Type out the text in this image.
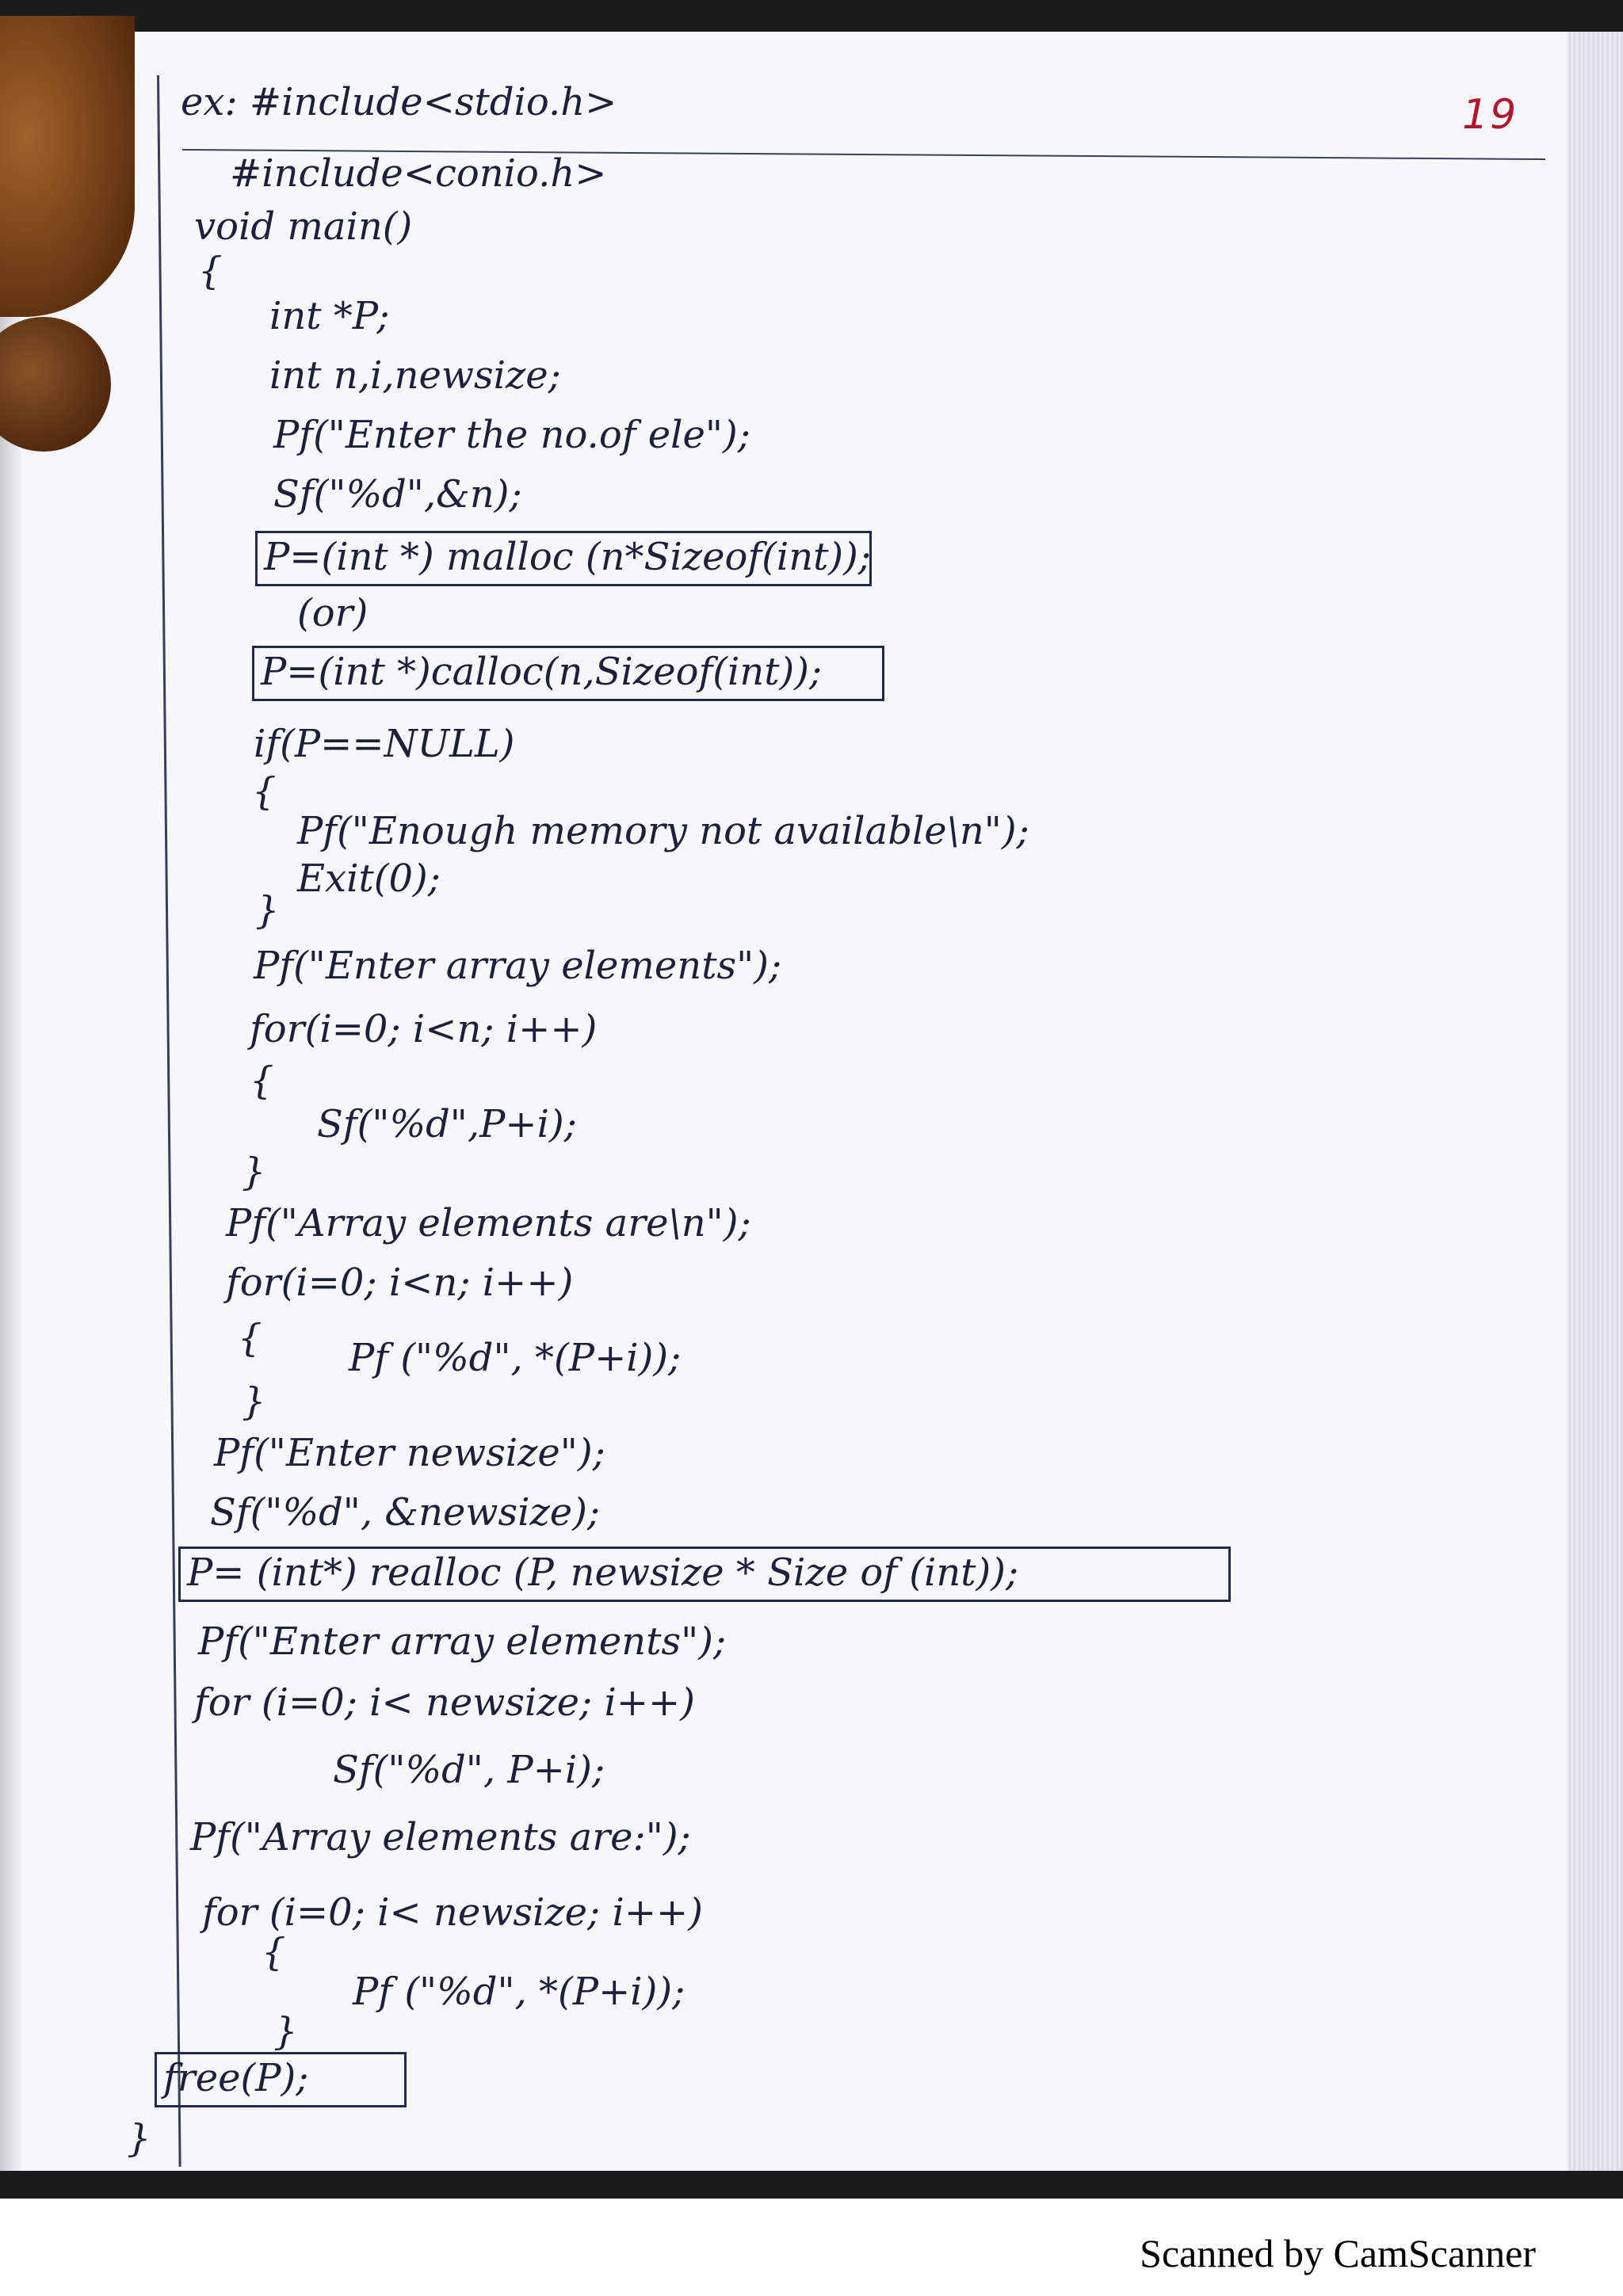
19
ex: #include<stdio.h>
#include<conio.h>
void main()
{
int *P;
int n,i,newsize;
Pf("Enter the no.of ele");
Sf("%d",&n);
P=(int *) malloc (n*Sizeof(int));
(or)
P=(int *)calloc(n,Sizeof(int));
if(P==NULL)
{
Pf("Enough memory not available\n");
Exit(0);
}
Pf("Enter array elements");
for(i=0; i<n; i++)
{
Sf("%d",P+i);
}
Pf("Array elements are\n");
for(i=0; i<n; i++)
{ Pf ("%d", *(P+i));
}
Pf("Enter newsize");
Sf("%d", &newsize);
P= (int*) realloc (P, newsize * Size of (int));
Pf("Enter array elements");
for (i=0; i< newsize; i++)
Sf("%d", P+i);
Pf("Array elements are:");
for (i=0; i< newsize; i++)
{
Pf ("%d", *(P+i));
}
free(P);
}
Scanned by CamScanner
